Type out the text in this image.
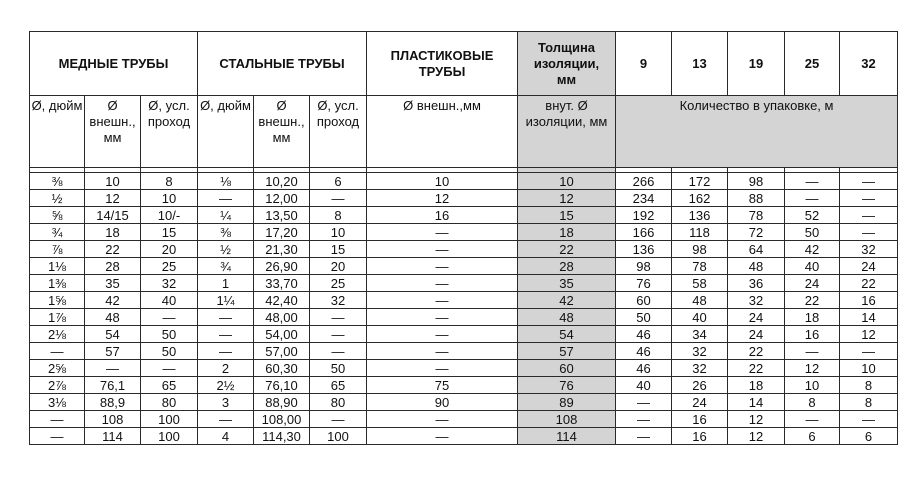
МЕДНЫЕ ТРУБЫ			СТАЛЬНЫЕ ТРУБЫ			ПЛАСТИКОВЫЕ ТРУБЫ	Толщина изоляции, мм	9	13	19	25	32
Ø, дюйм	Ø внешн., мм	Ø, усл. проход	Ø, дюйм	Ø внешн., мм	Ø, усл. проход	Ø внешн.,мм	внут. Ø изоляции, мм	Количество в упаковке, м				

⅜	10	8	⅛	10,20	6	10	10	266	172	98	—	—
½	12	10	—	12,00	—	12	12	234	162	88	—	—
⅝	14/15	10/-	¼	13,50	8	16	15	192	136	78	52	—
¾	18	15	⅜	17,20	10	—	18	166	118	72	50	—
⅞	22	20	½	21,30	15	—	22	136	98	64	42	32
1⅛	28	25	¾	26,90	20	—	28	98	78	48	40	24
1⅜	35	32	1	33,70	25	—	35	76	58	36	24	22
1⅝	42	40	1¼	42,40	32	—	42	60	48	32	22	16
1⅞	48	—	—	48,00	—	—	48	50	40	24	18	14
2⅛	54	50	—	54,00	—	—	54	46	34	24	16	12
—	57	50	—	57,00	—	—	57	46	32	22	—	—
2⅝	—	—	2	60,30	50	—	60	46	32	22	12	10
2⅞	76,1	65	2½	76,10	65	75	76	40	26	18	10	8
3⅛	88,9	80	3	88,90	80	90	89	—	24	14	8	8
—	108	100	—	108,00	—	—	108	—	16	12	—	—
—	114	100	4	114,30	100	—	114	—	16	12	6	6
